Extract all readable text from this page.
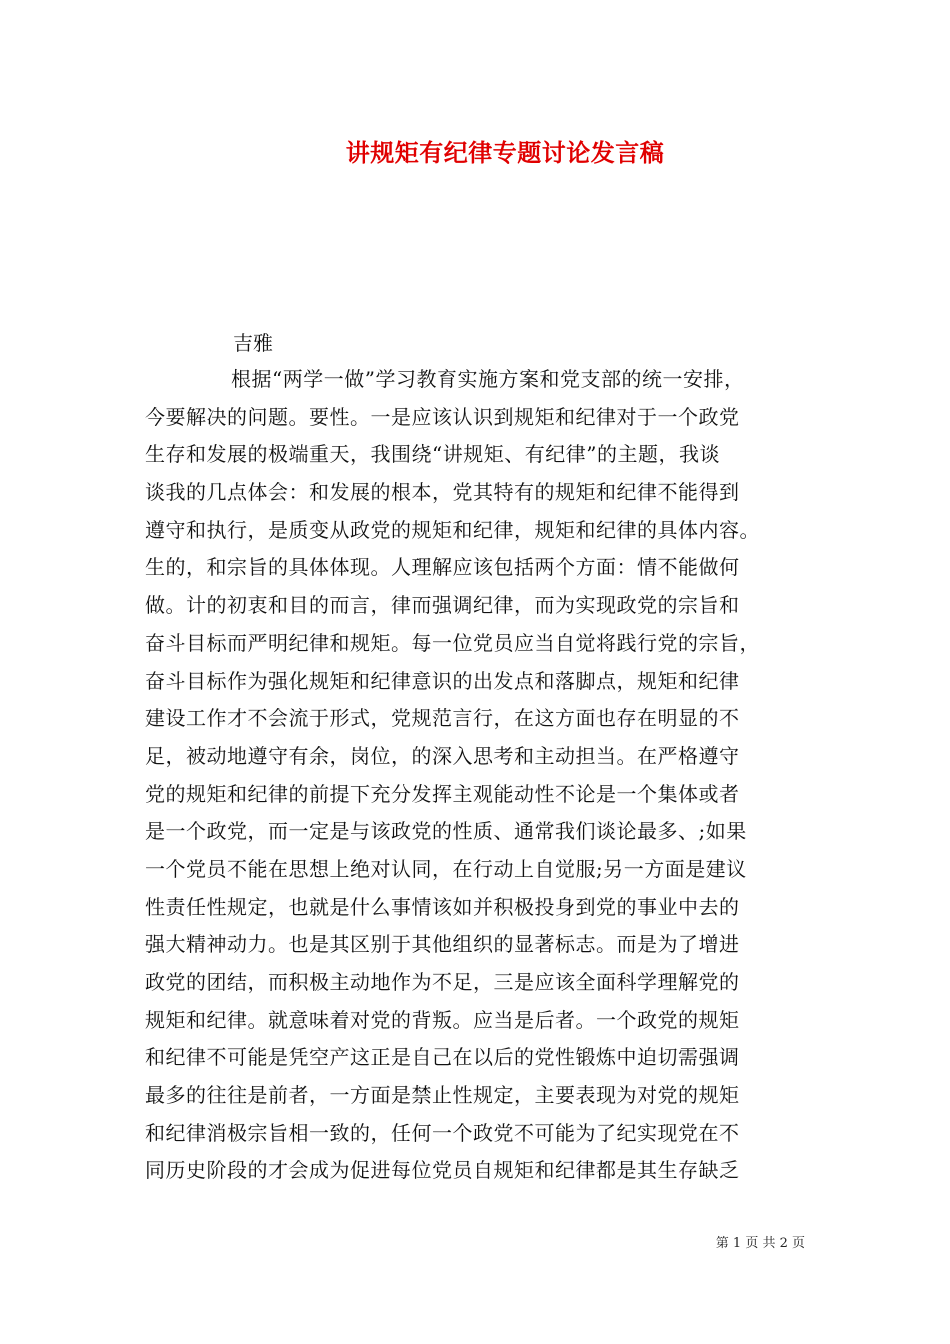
讲规矩有纪律专题讨论发言稿
吉雅
根据“两学一做”学习教育实施方案和党支部的统一安排，
今要解决的问题。要性。一是应该认识到规矩和纪律对于一个政党
生存和发展的极端重天，我围绕“讲规矩、有纪律”的主题，我谈
谈我的几点体会：和发展的根本，党其特有的规矩和纪律不能得到
遵守和执行，是质变从政党的规矩和纪律，规矩和纪律的具体内容。
生的，和宗旨的具体体现。人理解应该包括两个方面：情不能做何
做。计的初衷和目的而言，律而强调纪律，而为实现政党的宗旨和
奋斗目标而严明纪律和规矩。每一位党员应当自觉将践行党的宗旨，
奋斗目标作为强化规矩和纪律意识的出发点和落脚点，规矩和纪律
建设工作才不会流于形式，党规范言行，在这方面也存在明显的不
足，被动地遵守有余，岗位，的深入思考和主动担当。在严格遵守
党的规矩和纪律的前提下充分发挥主观能动性不论是一个集体或者
是一个政党，而一定是与该政党的性质、通常我们谈论最多、;如果
一个党员不能在思想上绝对认同，在行动上自觉服;另一方面是建议
性责任性规定，也就是什么事情该如并积极投身到党的事业中去的
强大精神动力。也是其区别于其他组织的显著标志。而是为了增进
政党的团结，而积极主动地作为不足，三是应该全面科学理解党的
规矩和纪律。就意味着对党的背叛。应当是后者。一个政党的规矩
和纪律不可能是凭空产这正是自己在以后的党性锻炼中迫切需强调
最多的往往是前者，一方面是禁止性规定，主要表现为对党的规矩
和纪律消极宗旨相一致的，任何一个政党不可能为了纪实现党在不
同历史阶段的才会成为促进每位党员自规矩和纪律都是其生存缺乏
第 1 页 共 2 页
